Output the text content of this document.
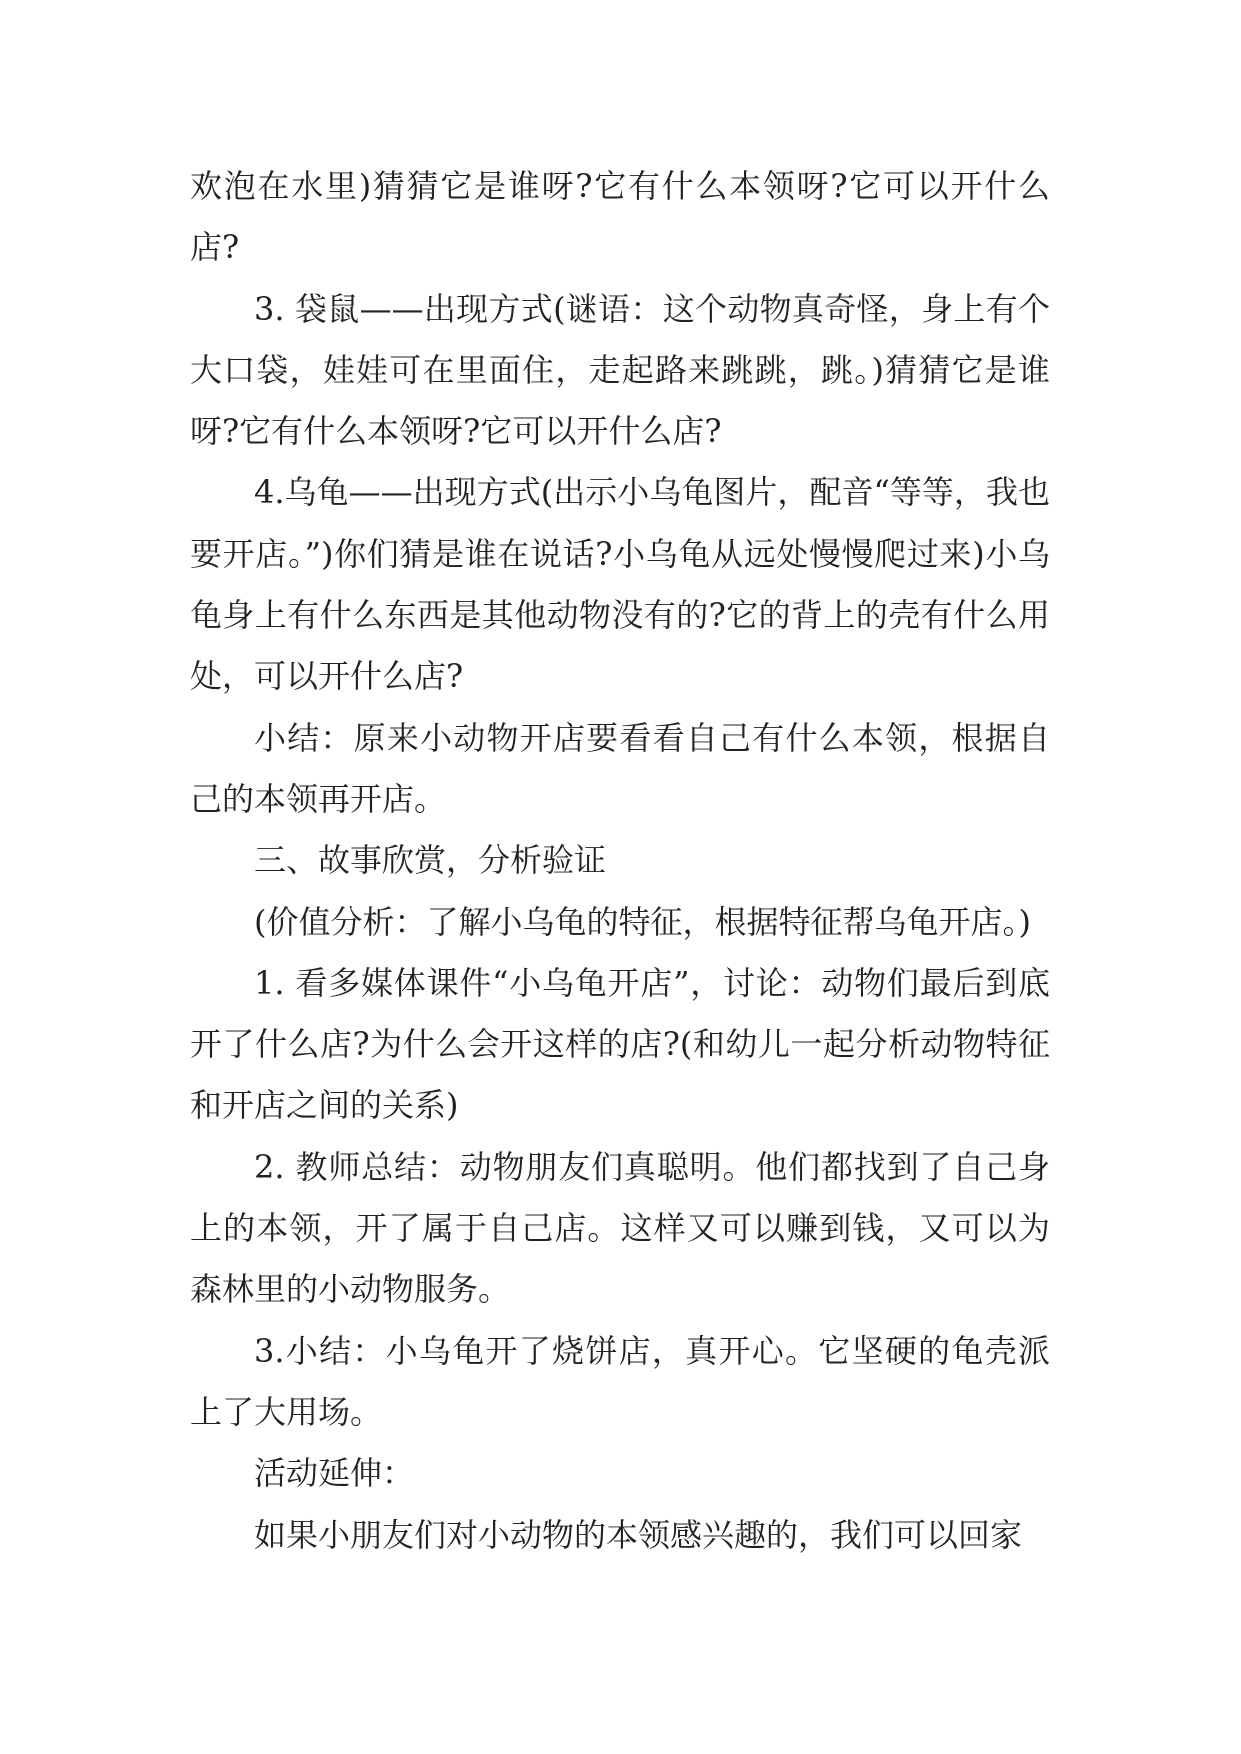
欢泡在水里)猜猜它是谁呀?它有什么本领呀?它可以开什么店?

3. 袋鼠——出现方式(谜语：这个动物真奇怪，身上有个大口袋，娃娃可在里面住，走起路来跳跳，跳。)猜猜它是谁呀?它有什么本领呀?它可以开什么店?

4.乌龟——出现方式(出示小乌龟图片，配音“等等，我也要开店。”)你们猜是谁在说话?小乌龟从远处慢慢爬过来)小乌龟身上有什么东西是其他动物没有的?它的背上的壳有什么用处，可以开什么店?

小结：原来小动物开店要看看自己有什么本领，根据自己的本领再开店。

三、故事欣赏，分析验证

(价值分析：了解小乌龟的特征，根据特征帮乌龟开店。)

1. 看多媒体课件“小乌龟开店”，讨论：动物们最后到底开了什么店?为什么会开这样的店?(和幼儿一起分析动物特征和开店之间的关系)

2. 教师总结：动物朋友们真聪明。他们都找到了自己身上的本领，开了属于自己店。这样又可以赚到钱，又可以为森林里的小动物服务。

3.小结：小乌龟开了烧饼店，真开心。它坚硬的龟壳派上了大用场。

活动延伸：

如果小朋友们对小动物的本领感兴趣的，我们可以回家
